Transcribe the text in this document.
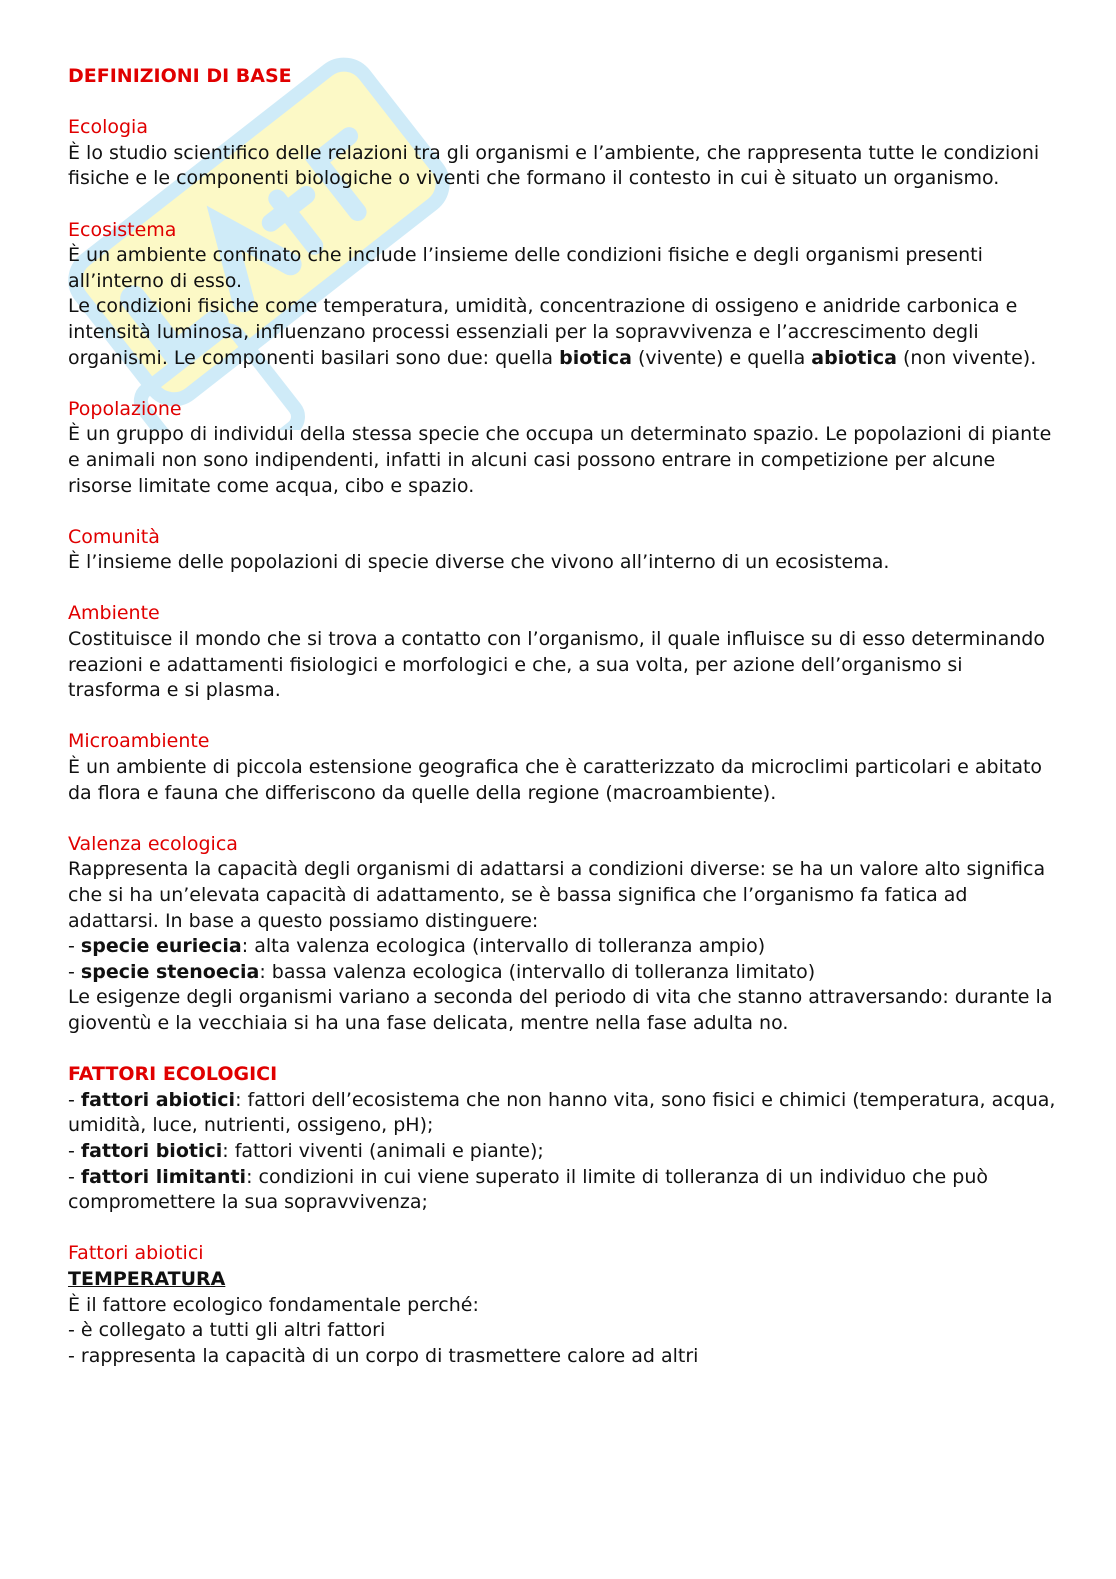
DEFINIZIONI DI BASE

Ecologia

È lo studio scientifico delle relazioni tra gli organismi e l’ambiente, che rappresenta tutte le condizioni fisiche e le componenti biologiche o viventi che formano il contesto in cui è situato un organismo.

Ecosistema

È un ambiente confinato che include l’insieme delle condizioni fisiche e degli organismi presenti all’interno di esso.

Le condizioni fisiche come temperatura, umidità, concentrazione di ossigeno e anidride carbonica e intensità luminosa, influenzano processi essenziali per la sopravvivenza e l’accrescimento degli organismi. Le componenti basilari sono due: quella biotica (vivente) e quella abiotica (non vivente).

Popolazione

È un gruppo di individui della stessa specie che occupa un determinato spazio. Le popolazioni di piante e animali non sono indipendenti, infatti in alcuni casi possono entrare in competizione per alcune risorse limitate come acqua, cibo e spazio.

Comunità

È l’insieme delle popolazioni di specie diverse che vivono all’interno di un ecosistema.

Ambiente

Costituisce il mondo che si trova a contatto con l’organismo, il quale influisce su di esso determinando reazioni e adattamenti fisiologici e morfologici e che, a sua volta, per azione dell’organismo si trasforma e si plasma.

Microambiente

È un ambiente di piccola estensione geografica che è caratterizzato da microclimi particolari e abitato da flora e fauna che differiscono da quelle della regione (macroambiente).

Valenza ecologica

Rappresenta la capacità degli organismi di adattarsi a condizioni diverse: se ha un valore alto significa che si ha un’elevata capacità di adattamento, se è bassa significa che l’organismo fa fatica ad adattarsi. In base a questo possiamo distinguere:

- specie euriecia: alta valenza ecologica (intervallo di tolleranza ampio)

- specie stenoecia: bassa valenza ecologica (intervallo di tolleranza limitato)

Le esigenze degli organismi variano a seconda del periodo di vita che stanno attraversando: durante la gioventù e la vecchiaia si ha una fase delicata, mentre nella fase adulta no.

FATTORI ECOLOGICI

- fattori abiotici: fattori dell’ecosistema che non hanno vita, sono fisici e chimici (temperatura, acqua, umidità, luce, nutrienti, ossigeno, pH);

- fattori biotici: fattori viventi (animali e piante);

- fattori limitanti: condizioni in cui viene superato il limite di tolleranza di un individuo che può compromettere la sua sopravvivenza;

Fattori abiotici

TEMPERATURA

È il fattore ecologico fondamentale perché:

- è collegato a tutti gli altri fattori

- rappresenta la capacità di un corpo di trasmettere calore ad altri
